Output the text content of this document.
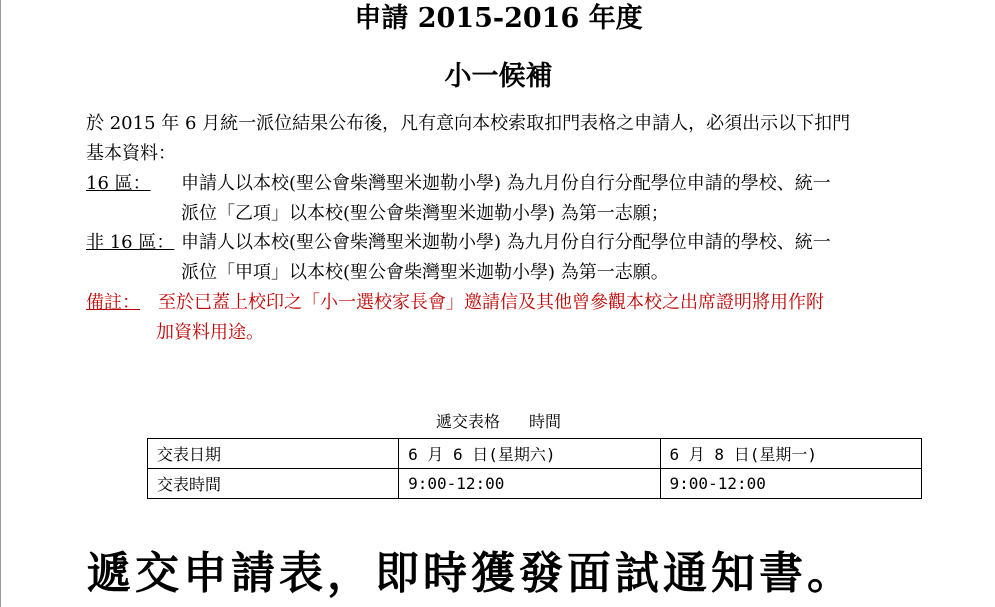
申請 2015-2016 年度
小一候補
於 2015 年 6 月統一派位結果公布後，凡有意向本校索取扣門表格之申請人，必須出示以下扣門
基本資料：
16 區： 申請人以本校(聖公會柴灣聖米迦勒小學) 為九月份自行分配學位申請的學校、統一
派位「乙項」以本校(聖公會柴灣聖米迦勒小學) 為第一志願；
非 16 區： 申請人以本校(聖公會柴灣聖米迦勒小學) 為九月份自行分配學位申請的學校、統一
派位「甲項」以本校(聖公會柴灣聖米迦勒小學) 為第一志願。
備註： 至於已蓋上校印之「小一選校家長會」邀請信及其他曾參觀本校之出席證明將用作附
加資料用途。
遞交表格   時間
交表日期	6 月 6 日(星期六)	6 月 8 日(星期一)
交表時間	9:00-12:00	9:00-12:00
遞交申請表，即時獲發面試通知書。
